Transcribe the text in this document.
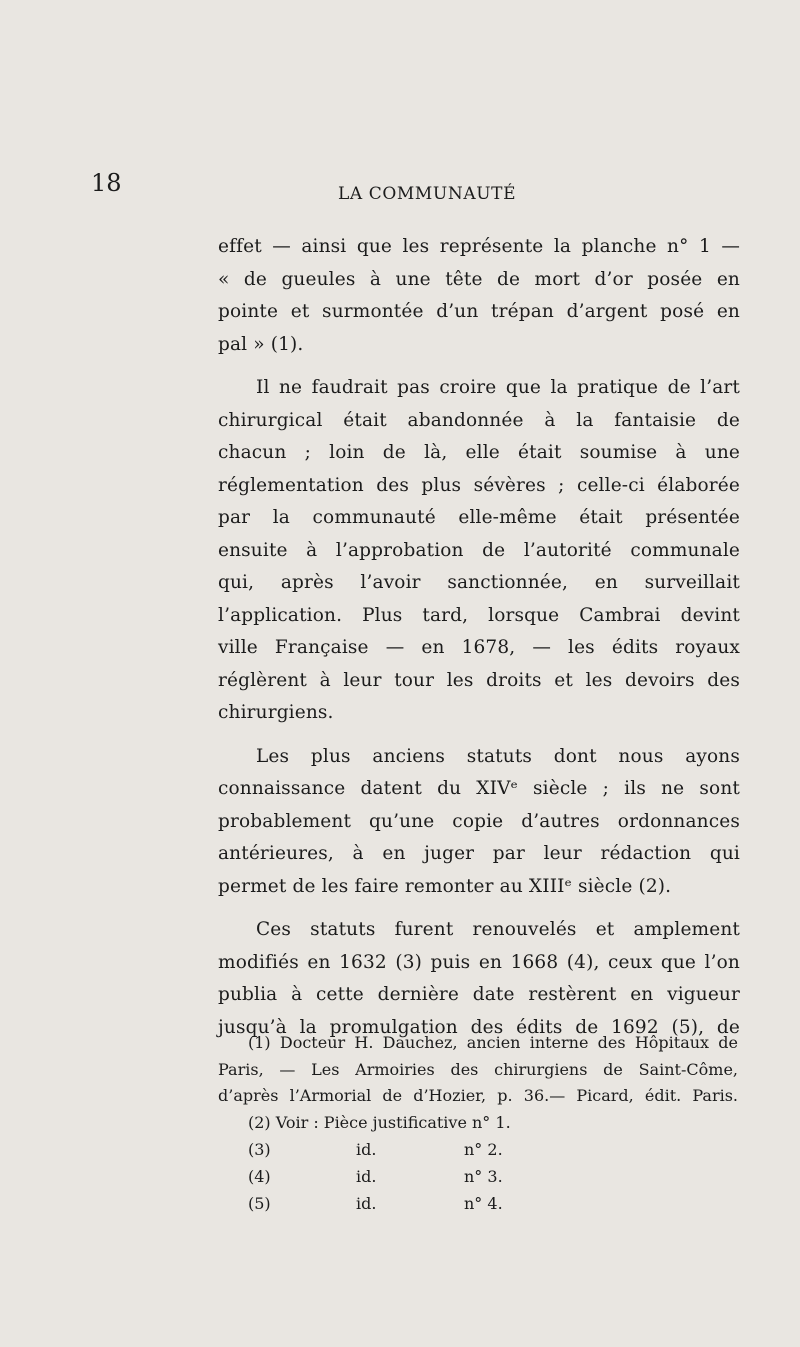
18	LA COMMUNAUTÉ
effet — ainsi que les représente la planche n° 1 —
« de gueules à une tête de mort d’or posée en
pointe et surmontée d’un trépan d’argent posé en
pal » (1).
Il ne faudrait pas croire que la pratique de l’art
chirurgical était abandonnée à la fantaisie de
chacun ; loin de là, elle était soumise à une
réglementation des plus sévères ; celle-ci élaborée
par la communauté elle-même était présentée
ensuite à l’approbation de l’autorité communale
qui, après l’avoir sanctionnée, en surveillait
l’application. Plus tard, lorsque Cambrai devint
ville Française — en 1678, — les édits royaux
réglèrent à leur tour les droits et les devoirs des
chirurgiens.
Les plus anciens statuts dont nous ayons
connaissance datent du XIVᵉ siècle ; ils ne sont
probablement qu’une copie d’autres ordonnances
antérieures, à en juger par leur rédaction qui
permet de les faire remonter au XIIIᵉ siècle (2).
Ces statuts furent renouvelés et amplement
modifiés en 1632 (3) puis en 1668 (4), ceux que l’on
publia à cette dernière date restèrent en vigueur
jusqu’à la promulgation des édits de 1692 (5), de
(1) Docteur H. Dauchez, ancien interne des Hôpitaux de
Paris, — Les Armoiries des chirurgiens de Saint-Côme,
d’après l’Armorial de d’Hozier, p. 36.— Picard, édit. Paris.
(2) Voir : Pièce justificative n° 1.
(3)	id.	n° 2.
(4)	id.	n° 3.
(5)	id.	n° 4.
